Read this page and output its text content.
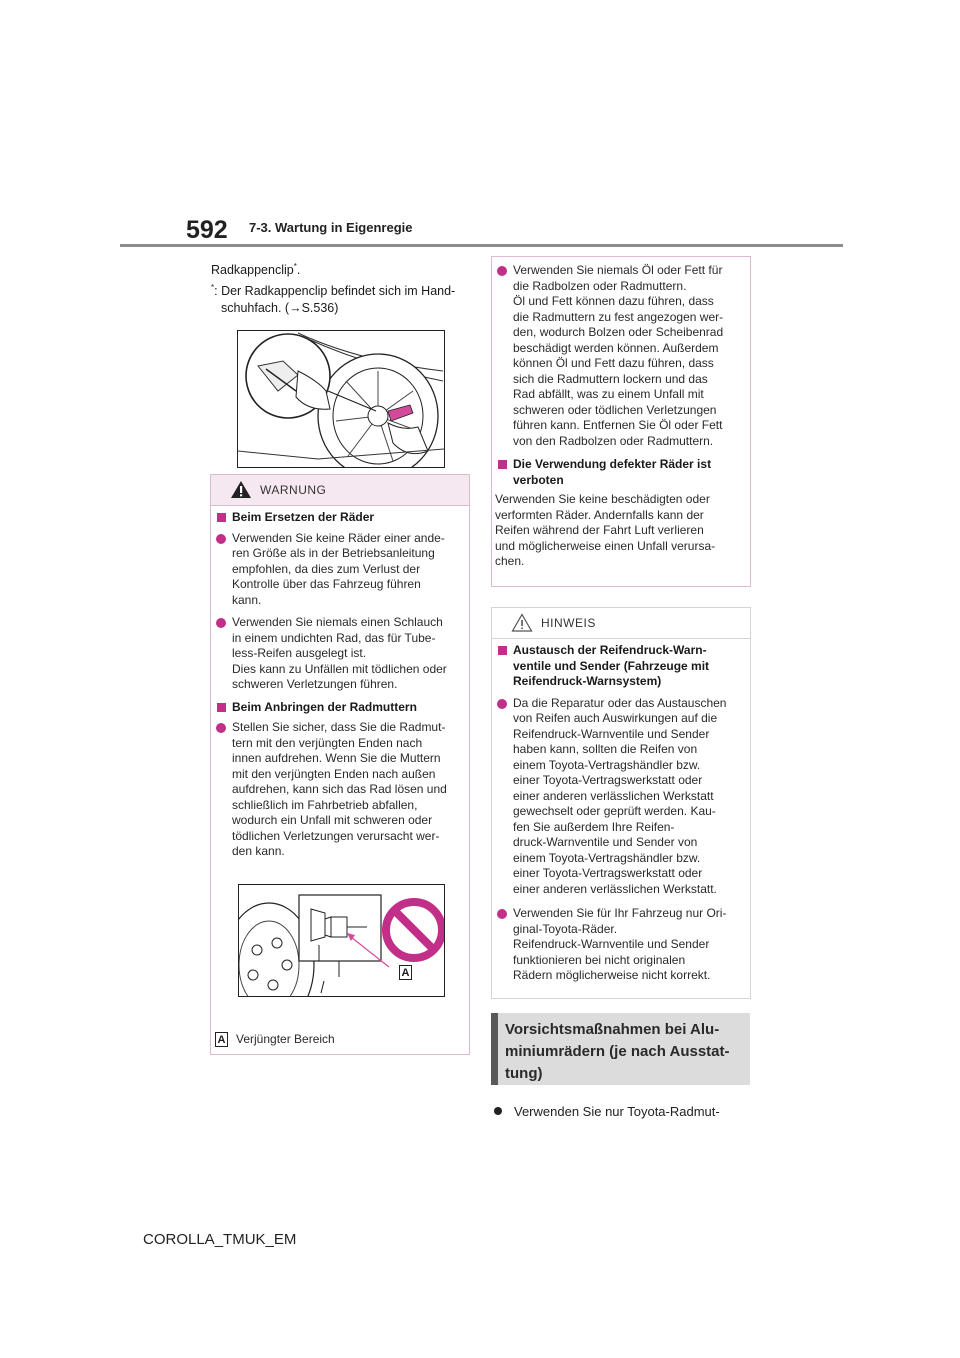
592 7-3. Wartung in Eigenregie
Radkappenclip*.
*: Der Radkappenclip befindet sich im Hand-
schuhfach. (→S.536)
WARNUNG
Beim Ersetzen der Räder
Verwenden Sie keine Räder einer ande-
ren Größe als in der Betriebsanleitung
empfohlen, da dies zum Verlust der
Kontrolle über das Fahrzeug führen
kann.
Verwenden Sie niemals einen Schlauch
in einem undichten Rad, das für Tube-
less-Reifen ausgelegt ist.
Dies kann zu Unfällen mit tödlichen oder
schweren Verletzungen führen.
Beim Anbringen der Radmuttern
Stellen Sie sicher, dass Sie die Radmut-
tern mit den verjüngten Enden nach
innen aufdrehen. Wenn Sie die Muttern
mit den verjüngten Enden nach außen
aufdrehen, kann sich das Rad lösen und
schließlich im Fahrbetrieb abfallen,
wodurch ein Unfall mit schweren oder
tödlichen Verletzungen verursacht wer-
den kann.
A
A Verjüngter Bereich
Verwenden Sie niemals Öl oder Fett für
die Radbolzen oder Radmuttern.
Öl und Fett können dazu führen, dass
die Radmuttern zu fest angezogen wer-
den, wodurch Bolzen oder Scheibenrad
beschädigt werden können. Außerdem
können Öl und Fett dazu führen, dass
sich die Radmuttern lockern und das
Rad abfällt, was zu einem Unfall mit
schweren oder tödlichen Verletzungen
führen kann. Entfernen Sie Öl oder Fett
von den Radbolzen oder Radmuttern.
Die Verwendung defekter Räder ist
verboten
Verwenden Sie keine beschädigten oder
verformten Räder. Andernfalls kann der
Reifen während der Fahrt Luft verlieren
und möglicherweise einen Unfall verursa-
chen.
HINWEIS
Austausch der Reifendruck-Warn-
ventile und Sender (Fahrzeuge mit
Reifendruck-Warnsystem)
Da die Reparatur oder das Austauschen
von Reifen auch Auswirkungen auf die
Reifendruck-Warnventile und Sender
haben kann, sollten die Reifen von
einem Toyota-Vertragshändler bzw.
einer Toyota-Vertragswerkstatt oder
einer anderen verlässlichen Werkstatt
gewechselt oder geprüft werden. Kau-
fen Sie außerdem Ihre Reifen-
druck-Warnventile und Sender von
einem Toyota-Vertragshändler bzw.
einer Toyota-Vertragswerkstatt oder
einer anderen verlässlichen Werkstatt.
Verwenden Sie für Ihr Fahrzeug nur Ori-
ginal-Toyota-Räder.
Reifendruck-Warnventile und Sender
funktionieren bei nicht originalen
Rädern möglicherweise nicht korrekt.
Vorsichtsmaßnahmen bei Alu-
miniumrädern (je nach Ausstat-
tung)
Verwenden Sie nur Toyota-Radmut-
COROLLA_TMUK_EM
